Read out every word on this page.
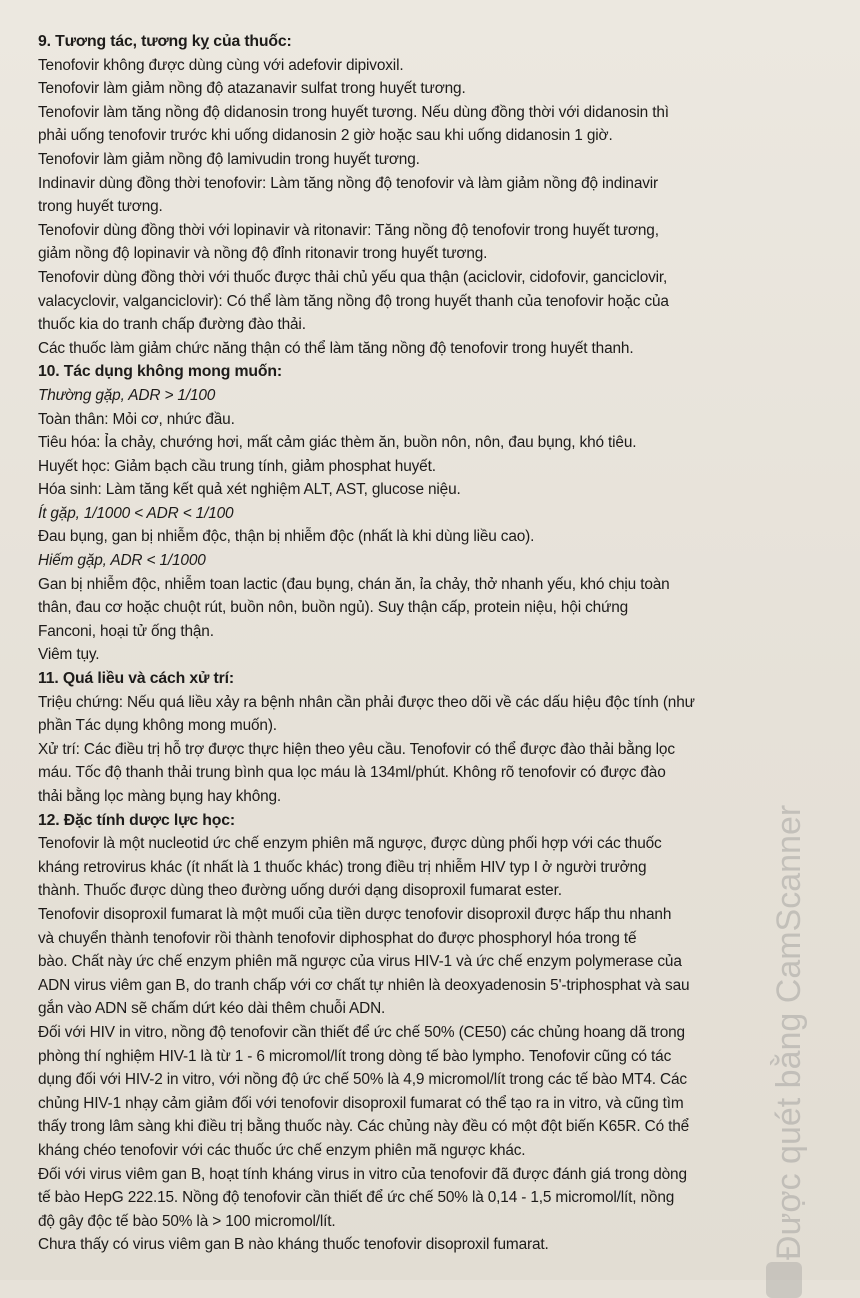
9. Tương tác, tương kỵ của thuốc:
Tenofovir không được dùng cùng với adefovir dipivoxil.
Tenofovir làm giảm nồng độ atazanavir sulfat trong huyết tương.
Tenofovir làm tăng nồng độ didanosin trong huyết tương. Nếu dùng đồng thời với didanosin thì
phải uống tenofovir trước khi uống didanosin 2 giờ hoặc sau khi uống didanosin 1 giờ.
Tenofovir làm giảm nồng độ lamivudin trong huyết tương.
Indinavir dùng đồng thời tenofovir: Làm tăng nồng độ tenofovir và làm giảm nồng độ indinavir
trong huyết tương.
Tenofovir dùng đồng thời với lopinavir và ritonavir: Tăng nồng độ tenofovir trong huyết tương,
giảm nồng độ lopinavir và nồng độ đỉnh ritonavir trong huyết tương.
Tenofovir dùng đồng thời với thuốc được thải chủ yếu qua thận (aciclovir, cidofovir, ganciclovir,
valacyclovir, valganciclovir): Có thể làm tăng nồng độ trong huyết thanh của tenofovir hoặc của
thuốc kia do tranh chấp đường đào thải.
Các thuốc làm giảm chức năng thận có thể làm tăng nồng độ tenofovir trong huyết thanh.
10. Tác dụng không mong muốn:
Thường gặp, ADR > 1/100
Toàn thân: Mỏi cơ, nhức đầu.
Tiêu hóa: Ỉa chảy, chướng hơi, mất cảm giác thèm ăn, buồn nôn, nôn, đau bụng, khó tiêu.
Huyết học: Giảm bạch cầu trung tính, giảm phosphat huyết.
Hóa sinh: Làm tăng kết quả xét nghiệm ALT, AST, glucose niệu.
Ít gặp, 1/1000 < ADR < 1/100
Đau bụng, gan bị nhiễm độc, thận bị nhiễm độc (nhất là khi dùng liều cao).
Hiếm gặp, ADR < 1/1000
Gan bị nhiễm độc, nhiễm toan lactic (đau bụng, chán ăn, ỉa chảy, thở nhanh yếu, khó chịu toàn
thân, đau cơ hoặc chuột rút, buồn nôn, buồn ngủ). Suy thận cấp, protein niệu, hội chứng
Fanconi, hoại tử ống thận.
Viêm tụy.
11. Quá liều và cách xử trí:
Triệu chứng: Nếu quá liều xảy ra bệnh nhân cần phải được theo dõi về các dấu hiệu độc tính (như
phần Tác dụng không mong muốn).
Xử trí: Các điều trị hỗ trợ được thực hiện theo yêu cầu. Tenofovir có thể được đào thải bằng lọc
máu. Tốc độ thanh thải trung bình qua lọc máu là 134ml/phút. Không rõ tenofovir có được đào
thải bằng lọc màng bụng hay không.
12. Đặc tính dược lực học:
Tenofovir là một nucleotid ức chế enzym phiên mã ngược, được dùng phối hợp với các thuốc
kháng retrovirus khác (ít nhất là 1 thuốc khác) trong điều trị nhiễm HIV typ I ở người trưởng
thành. Thuốc được dùng theo đường uống dưới dạng disoproxil fumarat ester.
Tenofovir disoproxil fumarat là một muối của tiền dược tenofovir disoproxil được hấp thu nhanh
và chuyển thành tenofovir rồi thành tenofovir diphosphat do được phosphoryl hóa trong tế
bào. Chất này ức chế enzym phiên mã ngược của virus HIV-1 và ức chế enzym polymerase của
ADN virus viêm gan B, do tranh chấp với cơ chất tự nhiên là deoxyadenosin 5'-triphosphat và sau
gắn vào ADN sẽ chấm dứt kéo dài thêm chuỗi ADN.
Đối với HIV in vitro, nồng độ tenofovir cần thiết để ức chế 50% (CE50) các chủng hoang dã trong
phòng thí nghiệm HIV-1 là từ 1 - 6 micromol/lít trong dòng tế bào lympho. Tenofovir cũng có tác
dụng đối với HIV-2 in vitro, với nồng độ ức chế 50% là 4,9 micromol/lít trong các tế bào MT4. Các
chủng HIV-1 nhạy cảm giảm đối với tenofovir disoproxil fumarat có thể tạo ra in vitro, và cũng tìm
thấy trong lâm sàng khi điều trị bằng thuốc này. Các chủng này đều có một đột biến K65R. Có thể
kháng chéo tenofovir với các thuốc ức chế enzym phiên mã ngược khác.
Đối với virus viêm gan B, hoạt tính kháng virus in vitro của tenofovir đã được đánh giá trong dòng
tế bào HepG 222.15. Nồng độ tenofovir cần thiết để ức chế 50% là 0,14 - 1,5 micromol/lít, nồng
độ gây độc tế bào 50% là > 100 micromol/lít.
Chưa thấy có virus viêm gan B nào kháng thuốc tenofovir disoproxil fumarat.	Được quét bằng CamScanner
